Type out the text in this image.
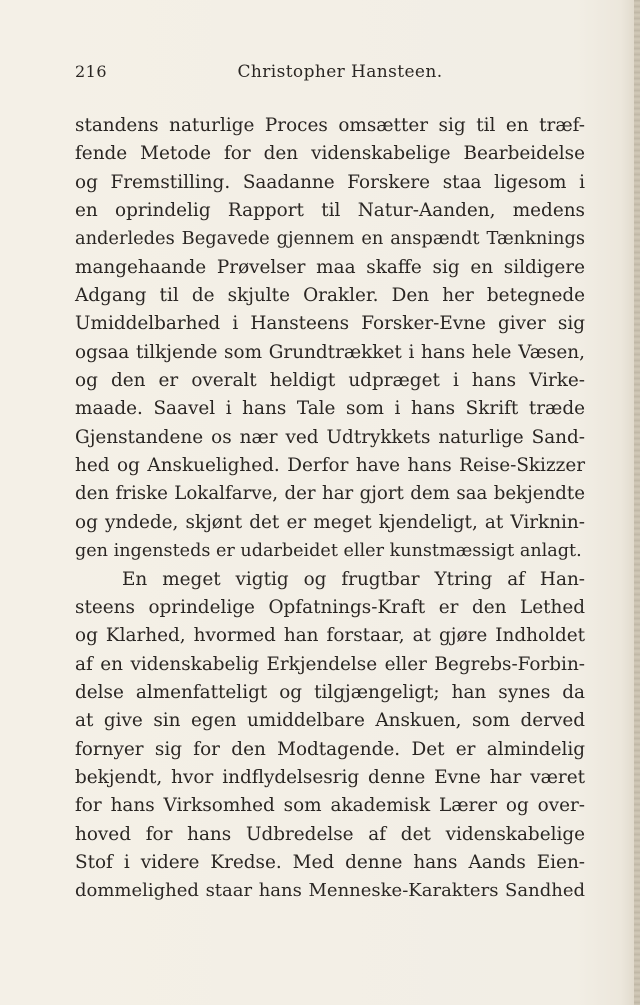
216	Christopher Hansteen.
standens naturlige Proces omsætter sig til en træf-
fende Metode for den videnskabelige Bearbeidelse
og Fremstilling. Saadanne Forskere staa ligesom i
en oprindelig Rapport til Natur-Aanden, medens
anderledes Begavede gjennem en anspændt Tænknings
mangehaande Prøvelser maa skaffe sig en sildigere
Adgang til de skjulte Orakler. Den her betegnede
Umiddelbarhed i Hansteens Forsker-Evne giver sig
ogsaa tilkjende som Grundtrækket i hans hele Væsen,
og den er overalt heldigt udpræget i hans Virke-
maade. Saavel i hans Tale som i hans Skrift træde
Gjenstandene os nær ved Udtrykkets naturlige Sand-
hed og Anskuelighed. Derfor have hans Reise-Skizzer
den friske Lokalfarve, der har gjort dem saa bekjendte
og yndede, skjønt det er meget kjendeligt, at Virknin-
gen ingensteds er udarbeidet eller kunstmæssigt anlagt.
En meget vigtig og frugtbar Ytring af Han-
steens oprindelige Opfatnings-Kraft er den Lethed
og Klarhed, hvormed han forstaar, at gjøre Indholdet
af en videnskabelig Erkjendelse eller Begrebs-Forbin-
delse almenfatteligt og tilgjængeligt; han synes da
at give sin egen umiddelbare Anskuen, som derved
fornyer sig for den Modtagende. Det er almindelig
bekjendt, hvor indflydelsesrig denne Evne har været
for hans Virksomhed som akademisk Lærer og over-
hoved for hans Udbredelse af det videnskabelige
Stof i videre Kredse. Med denne hans Aands Eien-
dommelighed staar hans Menneske-Karakters Sandhed
